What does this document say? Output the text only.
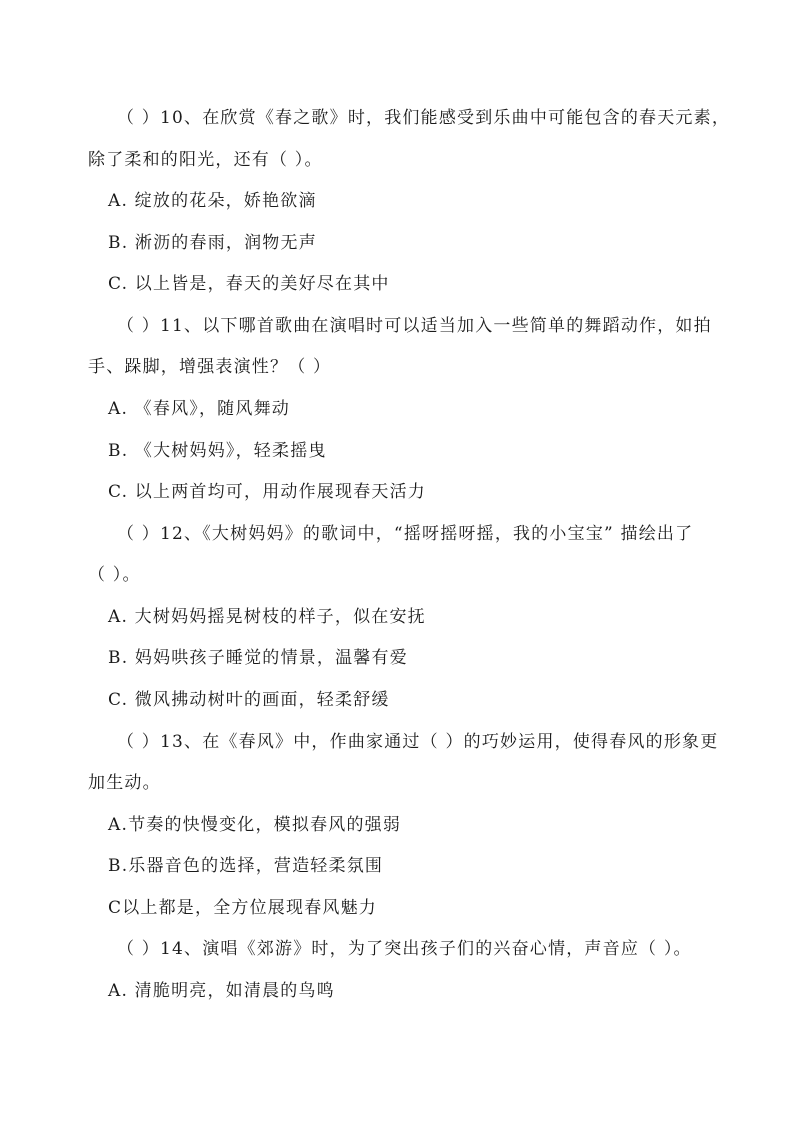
（ ）10、在欣赏《春之歌》时，我们能感受到乐曲中可能包含的春天元素，
除了柔和的阳光，还有（ ）。
A. 绽放的花朵，娇艳欲滴
B. 淅沥的春雨，润物无声
C. 以上皆是，春天的美好尽在其中
（ ）11、以下哪首歌曲在演唱时可以适当加入一些简单的舞蹈动作，如拍
手、跺脚，增强表演性？（ ）
A. 《春风》，随风舞动
B. 《大树妈妈》，轻柔摇曳
C. 以上两首均可，用动作展现春天活力
（ ）12、《大树妈妈》的歌词中，“摇呀摇呀摇，我的小宝宝” 描绘出了
（ ）。
A. 大树妈妈摇晃树枝的样子，似在安抚
B. 妈妈哄孩子睡觉的情景，温馨有爱
C. 微风拂动树叶的画面，轻柔舒缓
（ ）13、在《春风》中，作曲家通过（ ）的巧妙运用，使得春风的形象更
加生动。
A.节奏的快慢变化，模拟春风的强弱
B.乐器音色的选择，营造轻柔氛围
C以上都是，全方位展现春风魅力
（ ）14、演唱《郊游》时，为了突出孩子们的兴奋心情，声音应（ ）。
A. 清脆明亮，如清晨的鸟鸣
